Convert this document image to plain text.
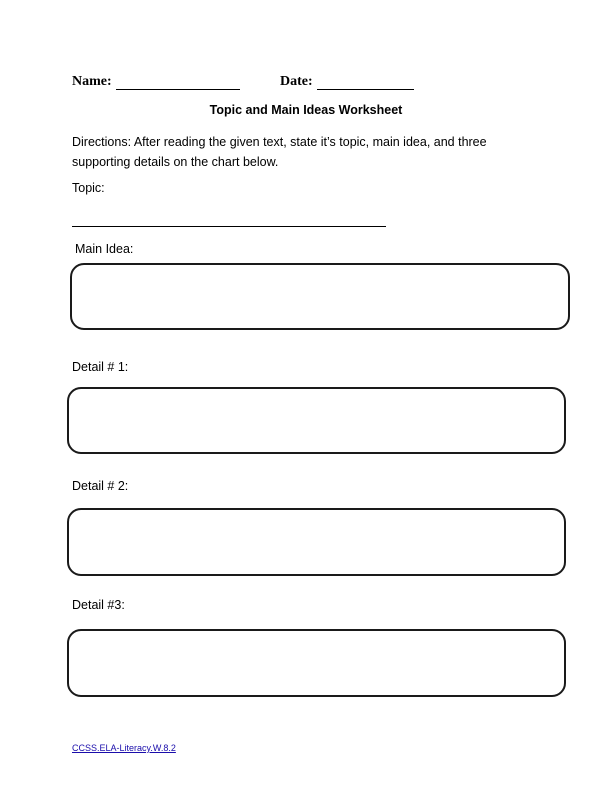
Name:	Date:
Topic and Main Ideas Worksheet
Directions: After reading the given text, state it’s topic, main idea, and three supporting details on the chart below.
Topic:
Main Idea:
Detail # 1:
Detail # 2:
Detail #3:
CCSS.ELA-Literacy.W.8.2
